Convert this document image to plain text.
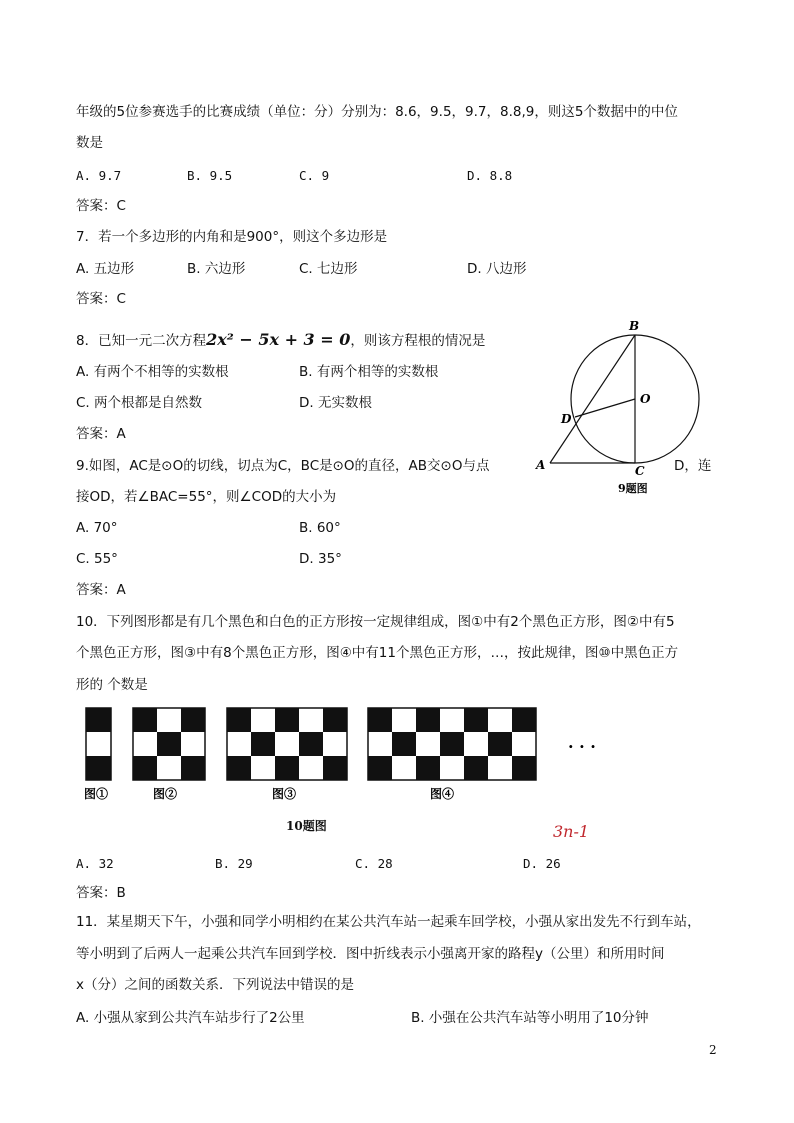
年级的5位参赛选手的比赛成绩（单位：分）分别为：8.6，9.5，9.7，8.8,9，则这5个数据中的中位
数是
A. 9.7	B. 9.5	C. 9	D. 8.8
答案：C
7．若一个多边形的内角和是900°，则这个多边形是
A. 五边形	B. 六边形	C. 七边形	D. 八边形
答案：C
8．已知一元二次方程2x² − 5x + 3 = 0，则该方程根的情况是
A. 有两个不相等的实数根	B. 有两个相等的实数根
C. 两个根都是自然数	D. 无实数根
答案：A
9.如图，AC是⊙O的切线，切点为C，BC是⊙O的直径，AB交⊙O与点	D，连
接OD，若∠BAC=55°，则∠COD的大小为
A. 70°	B. 60°
C. 55°	D. 35°
答案：A
B
O
D
A	C
9题图
10．下列图形都是有几个黑色和白色的正方形按一定规律组成，图①中有2个黑色正方形，图②中有5
个黑色正方形，图③中有8个黑色正方形，图④中有11个黑色正方形，…，按此规律，图⑩中黑色正方
形的 个数是
· · ·
图①	图②	图③	图④
10题图	3n-1
A. 32	B. 29	C. 28	D. 26
答案：B
11．某星期天下午，小强和同学小明相约在某公共汽车站一起乘车回学校，小强从家出发先不行到车站，
等小明到了后两人一起乘公共汽车回到学校．图中折线表示小强离开家的路程y（公里）和所用时间
x（分）之间的函数关系．下列说法中错误的是
A. 小强从家到公共汽车站步行了2公里	B. 小强在公共汽车站等小明用了10分钟
2
